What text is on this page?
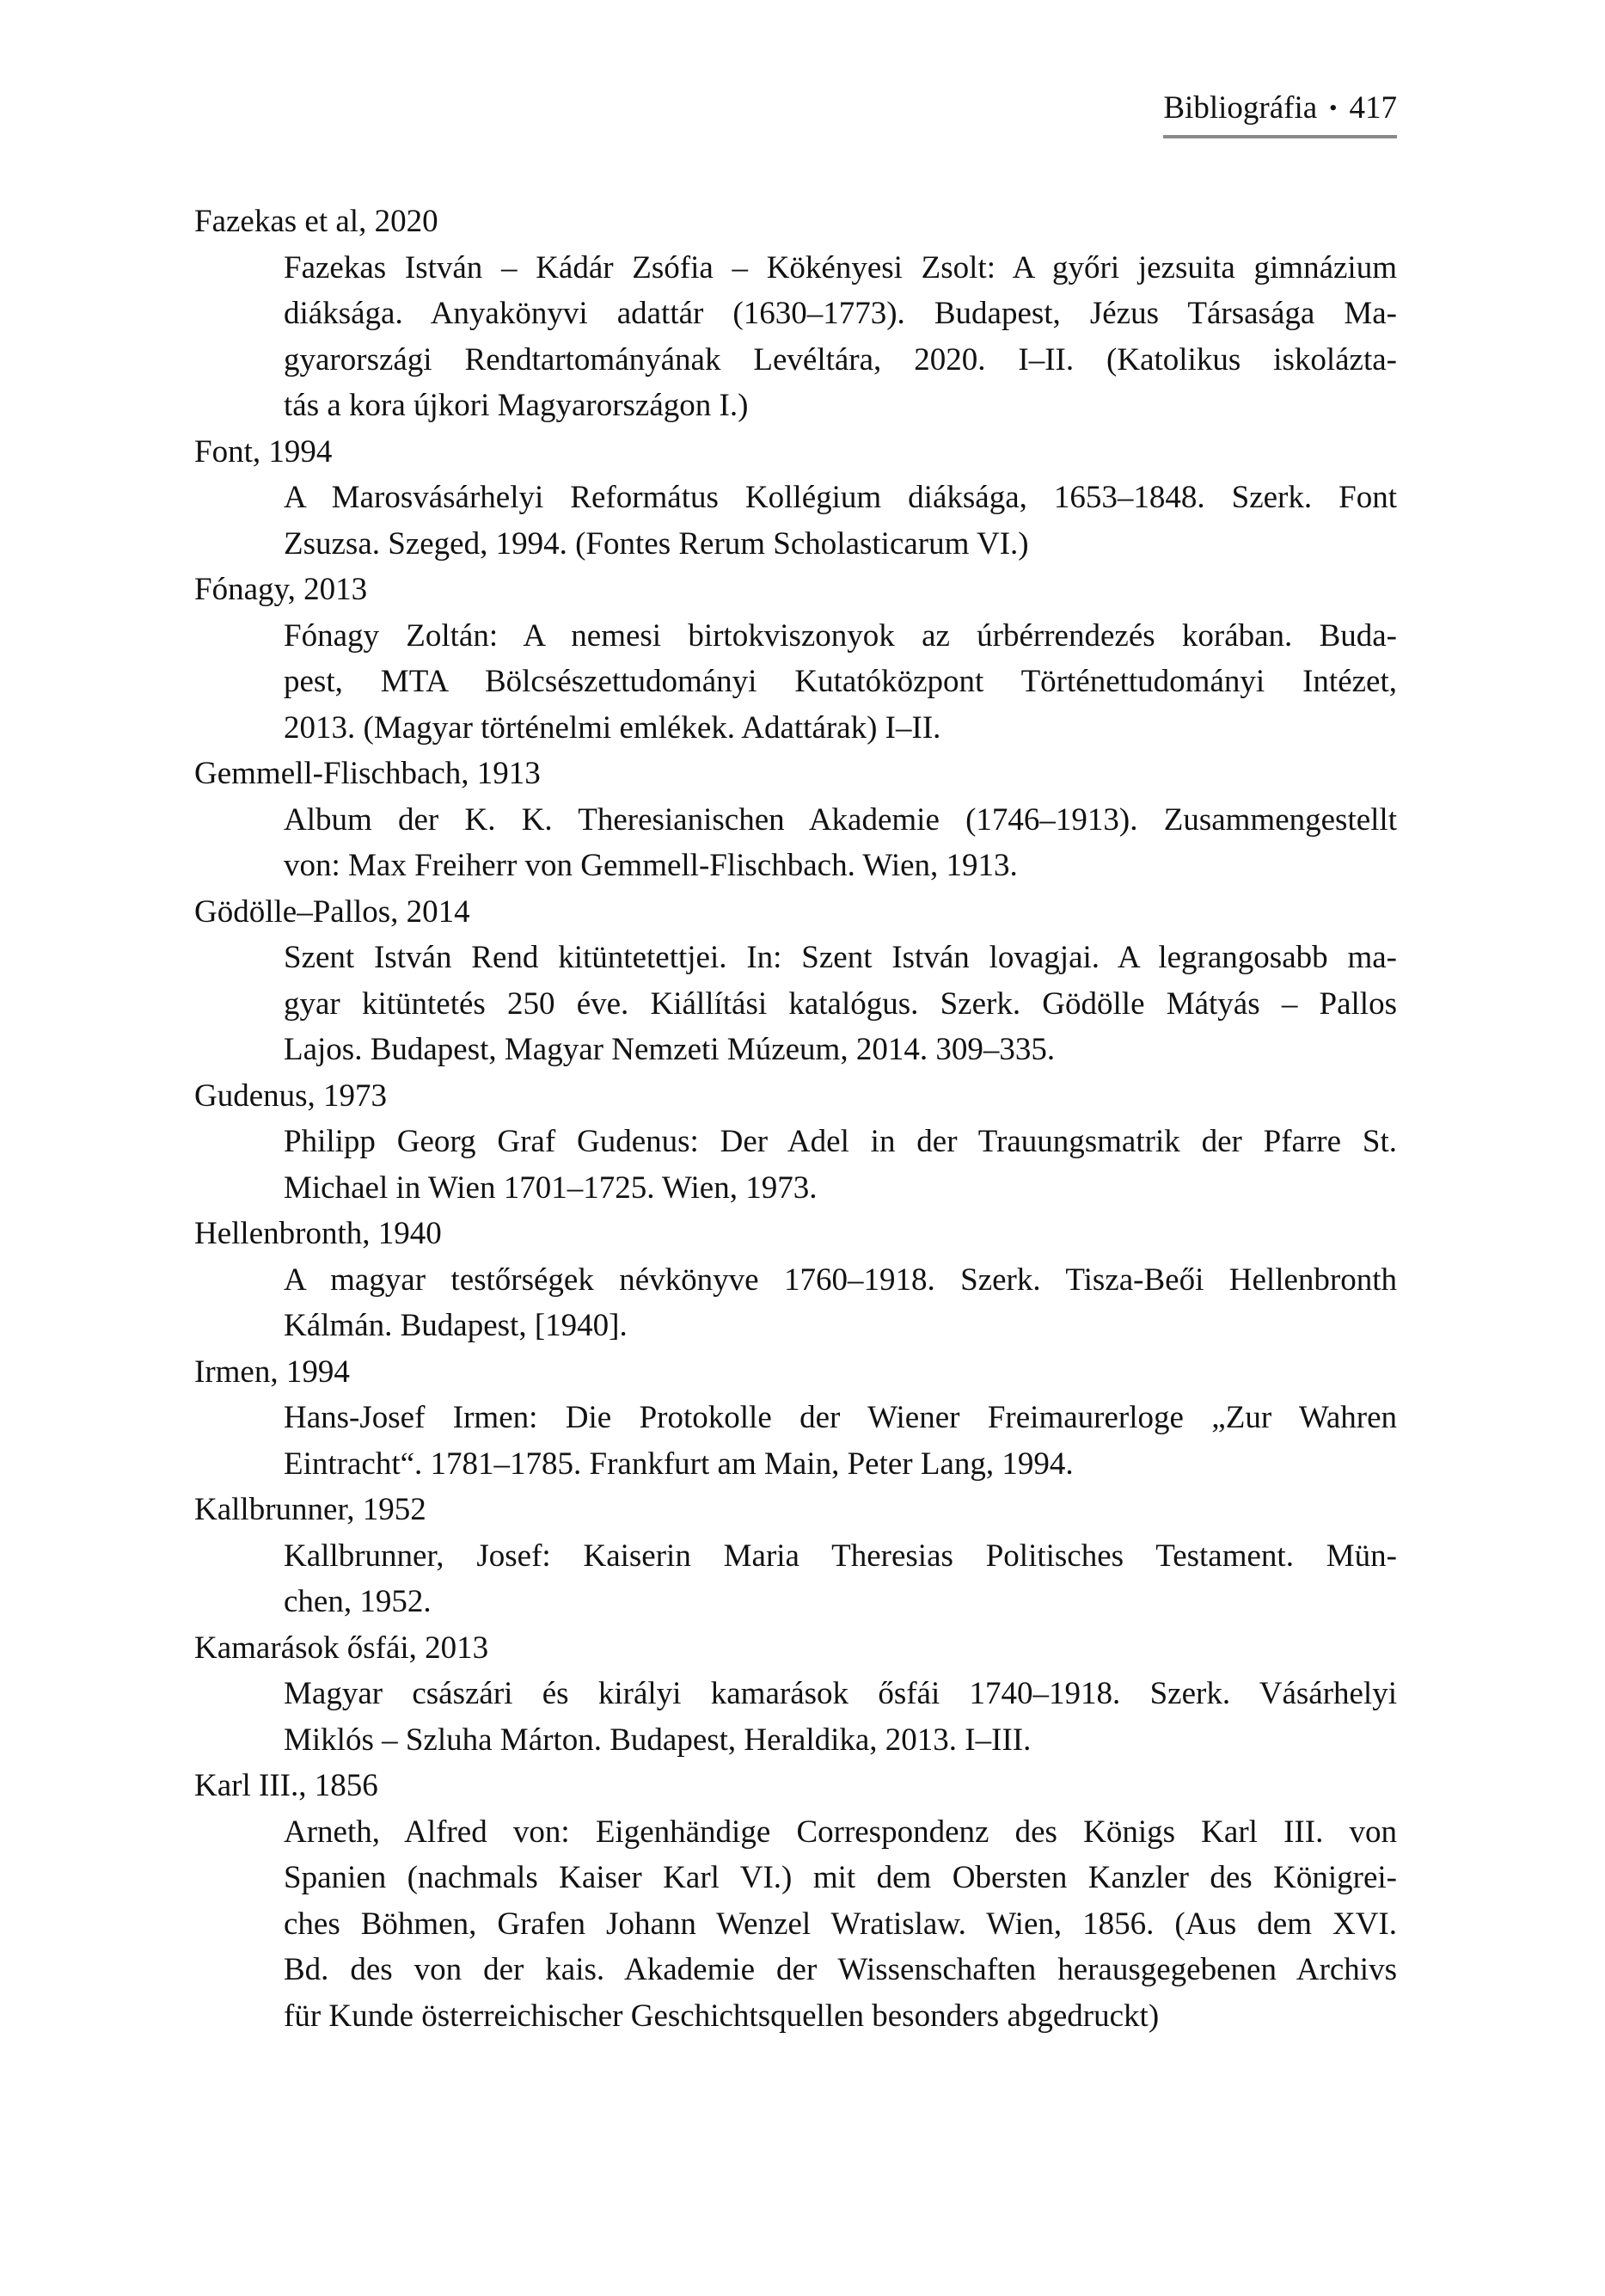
Bibliográfia • 417
Fazekas et al, 2020
Fazekas István – Kádár Zsófia – Kökényesi Zsolt: A győri jezsuita gimnázium
diáksága. Anyakönyvi adattár (1630–1773). Budapest, Jézus Társasága Ma-
gyarországi Rendtartományának Levéltára, 2020. I–II. (Katolikus iskolázta-
tás a kora újkori Magyarországon I.)
Font, 1994
A Marosvásárhelyi Református Kollégium diáksága, 1653–1848. Szerk. Font
Zsuzsa. Szeged, 1994. (Fontes Rerum Scholasticarum VI.)
Fónagy, 2013
Fónagy Zoltán: A nemesi birtokviszonyok az úrbérrendezés korában. Buda-
pest, MTA Bölcsészettudományi Kutatóközpont Történettudományi Intézet,
2013. (Magyar történelmi emlékek. Adattárak) I–II.
Gemmell-Flischbach, 1913
Album der K. K. Theresianischen Akademie (1746–1913). Zusammengestellt
von: Max Freiherr von Gemmell-Flischbach. Wien, 1913.
Gödölle–Pallos, 2014
Szent István Rend kitüntetettjei. In: Szent István lovagjai. A legrangosabb ma-
gyar kitüntetés 250 éve. Kiállítási katalógus. Szerk. Gödölle Mátyás – Pallos
Lajos. Budapest, Magyar Nemzeti Múzeum, 2014. 309–335.
Gudenus, 1973
Philipp Georg Graf Gudenus: Der Adel in der Trauungsmatrik der Pfarre St.
Michael in Wien 1701–1725. Wien, 1973.
Hellenbronth, 1940
A magyar testőrségek névkönyve 1760–1918. Szerk. Tisza-Beői Hellenbronth
Kálmán. Budapest, [1940].
Irmen, 1994
Hans-Josef Irmen: Die Protokolle der Wiener Freimaurerloge „Zur Wahren
Eintracht“. 1781–1785. Frankfurt am Main, Peter Lang, 1994.
Kallbrunner, 1952
Kallbrunner, Josef: Kaiserin Maria Theresias Politisches Testament. Mün-
chen, 1952.
Kamarások ősfái, 2013
Magyar császári és királyi kamarások ősfái 1740–1918. Szerk. Vásárhelyi
Miklós – Szluha Márton. Budapest, Heraldika, 2013. I–III.
Karl III., 1856
Arneth, Alfred von: Eigenhändige Correspondenz des Königs Karl III. von
Spanien (nachmals Kaiser Karl VI.) mit dem Obersten Kanzler des Königrei-
ches Böhmen, Grafen Johann Wenzel Wratislaw. Wien, 1856. (Aus dem XVI.
Bd. des von der kais. Akademie der Wissenschaften herausgegebenen Archivs
für Kunde österreichischer Geschichtsquellen besonders abgedruckt)
